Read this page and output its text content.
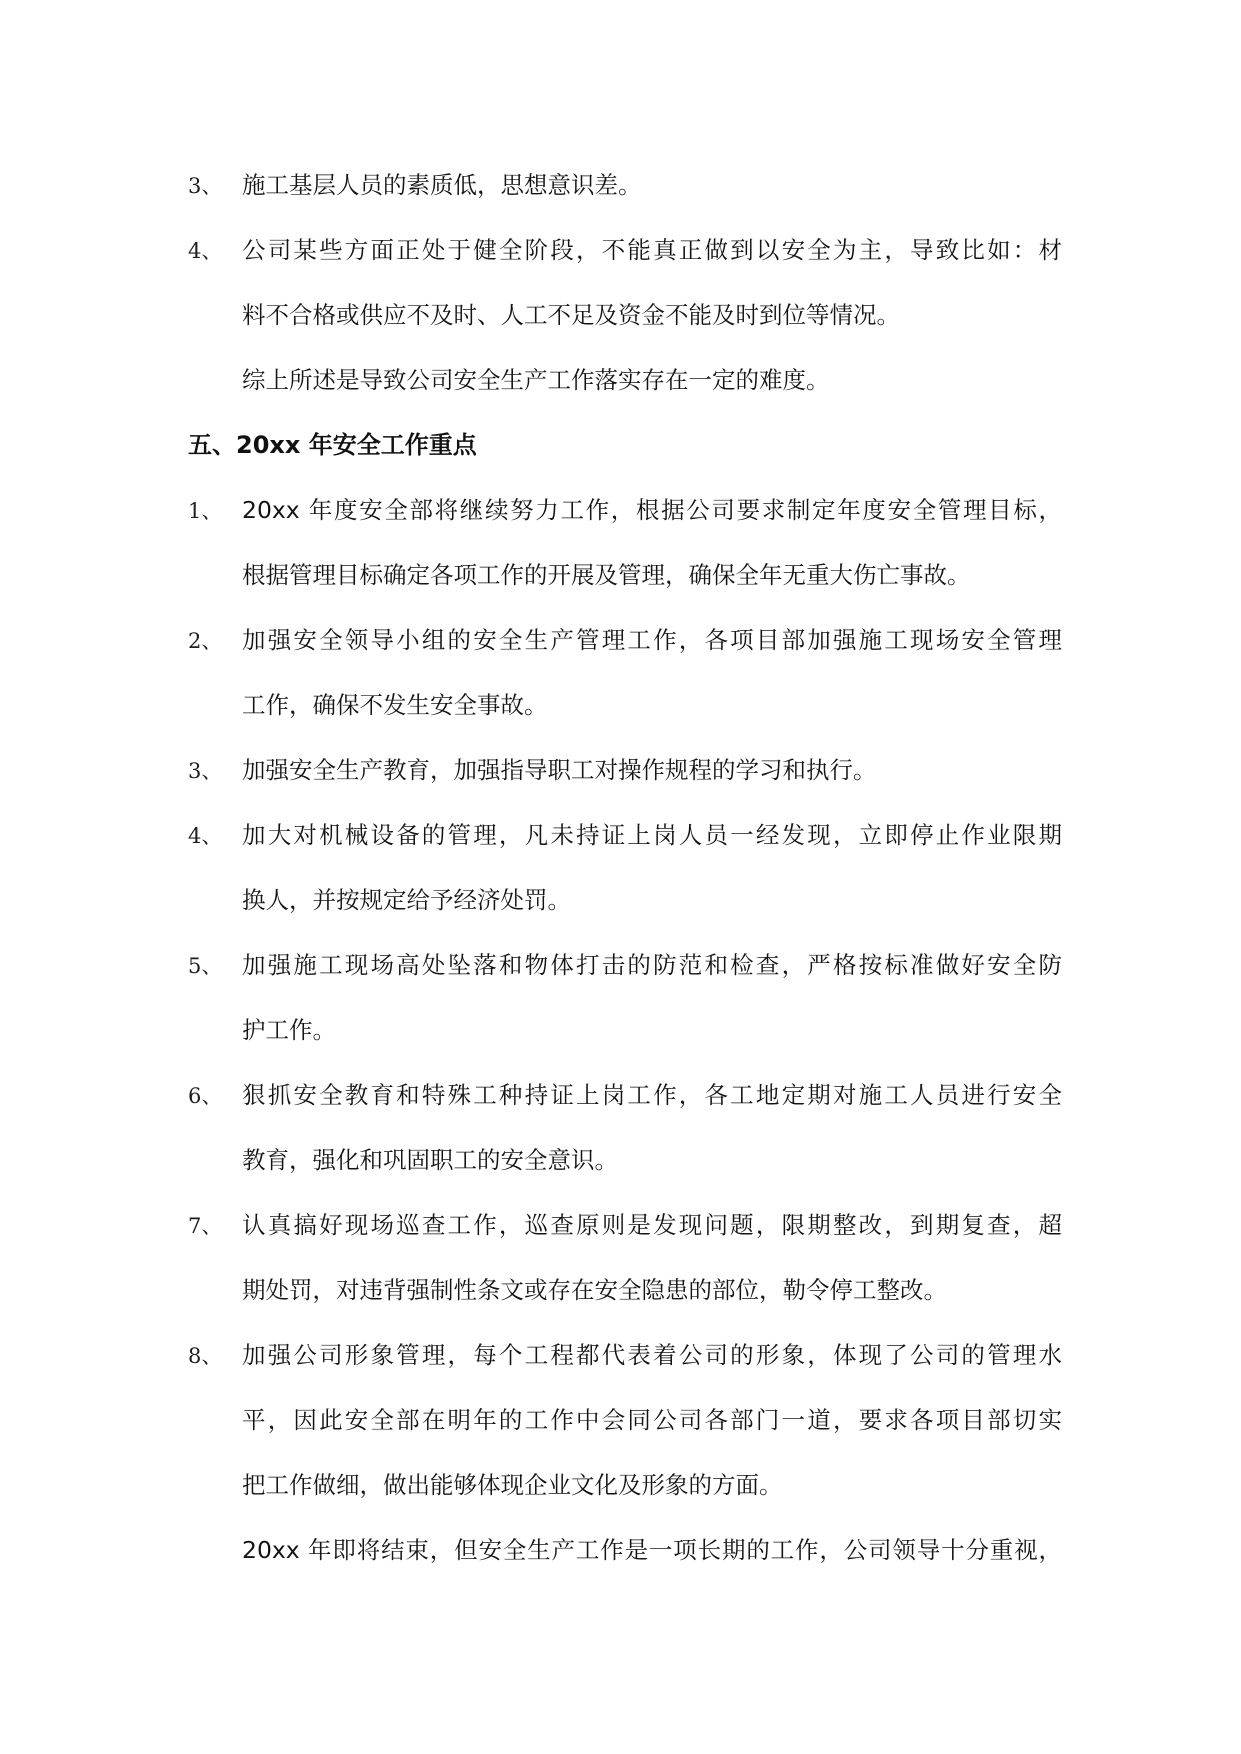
3、 施工基层人员的素质低，思想意识差。
4、 公司某些方面正处于健全阶段，不能真正做到以安全为主，导致比如：材
料不合格或供应不及时、人工不足及资金不能及时到位等情况。
综上所述是导致公司安全生产工作落实存在一定的难度。
五、20xx 年安全工作重点
1、 20xx 年度安全部将继续努力工作，根据公司要求制定年度安全管理目标，
根据管理目标确定各项工作的开展及管理，确保全年无重大伤亡事故。
2、 加强安全领导小组的安全生产管理工作，各项目部加强施工现场安全管理
工作，确保不发生安全事故。
3、 加强安全生产教育，加强指导职工对操作规程的学习和执行。
4、 加大对机械设备的管理，凡未持证上岗人员一经发现，立即停止作业限期
换人，并按规定给予经济处罚。
5、 加强施工现场高处坠落和物体打击的防范和检查，严格按标准做好安全防
护工作。
6、 狠抓安全教育和特殊工种持证上岗工作，各工地定期对施工人员进行安全
教育，强化和巩固职工的安全意识。
7、 认真搞好现场巡查工作，巡查原则是发现问题，限期整改，到期复查，超
期处罚，对违背强制性条文或存在安全隐患的部位，勒令停工整改。
8、 加强公司形象管理，每个工程都代表着公司的形象，体现了公司的管理水
平，因此安全部在明年的工作中会同公司各部门一道，要求各项目部切实
把工作做细，做出能够体现企业文化及形象的方面。
20xx 年即将结束，但安全生产工作是一项长期的工作，公司领导十分重视，
